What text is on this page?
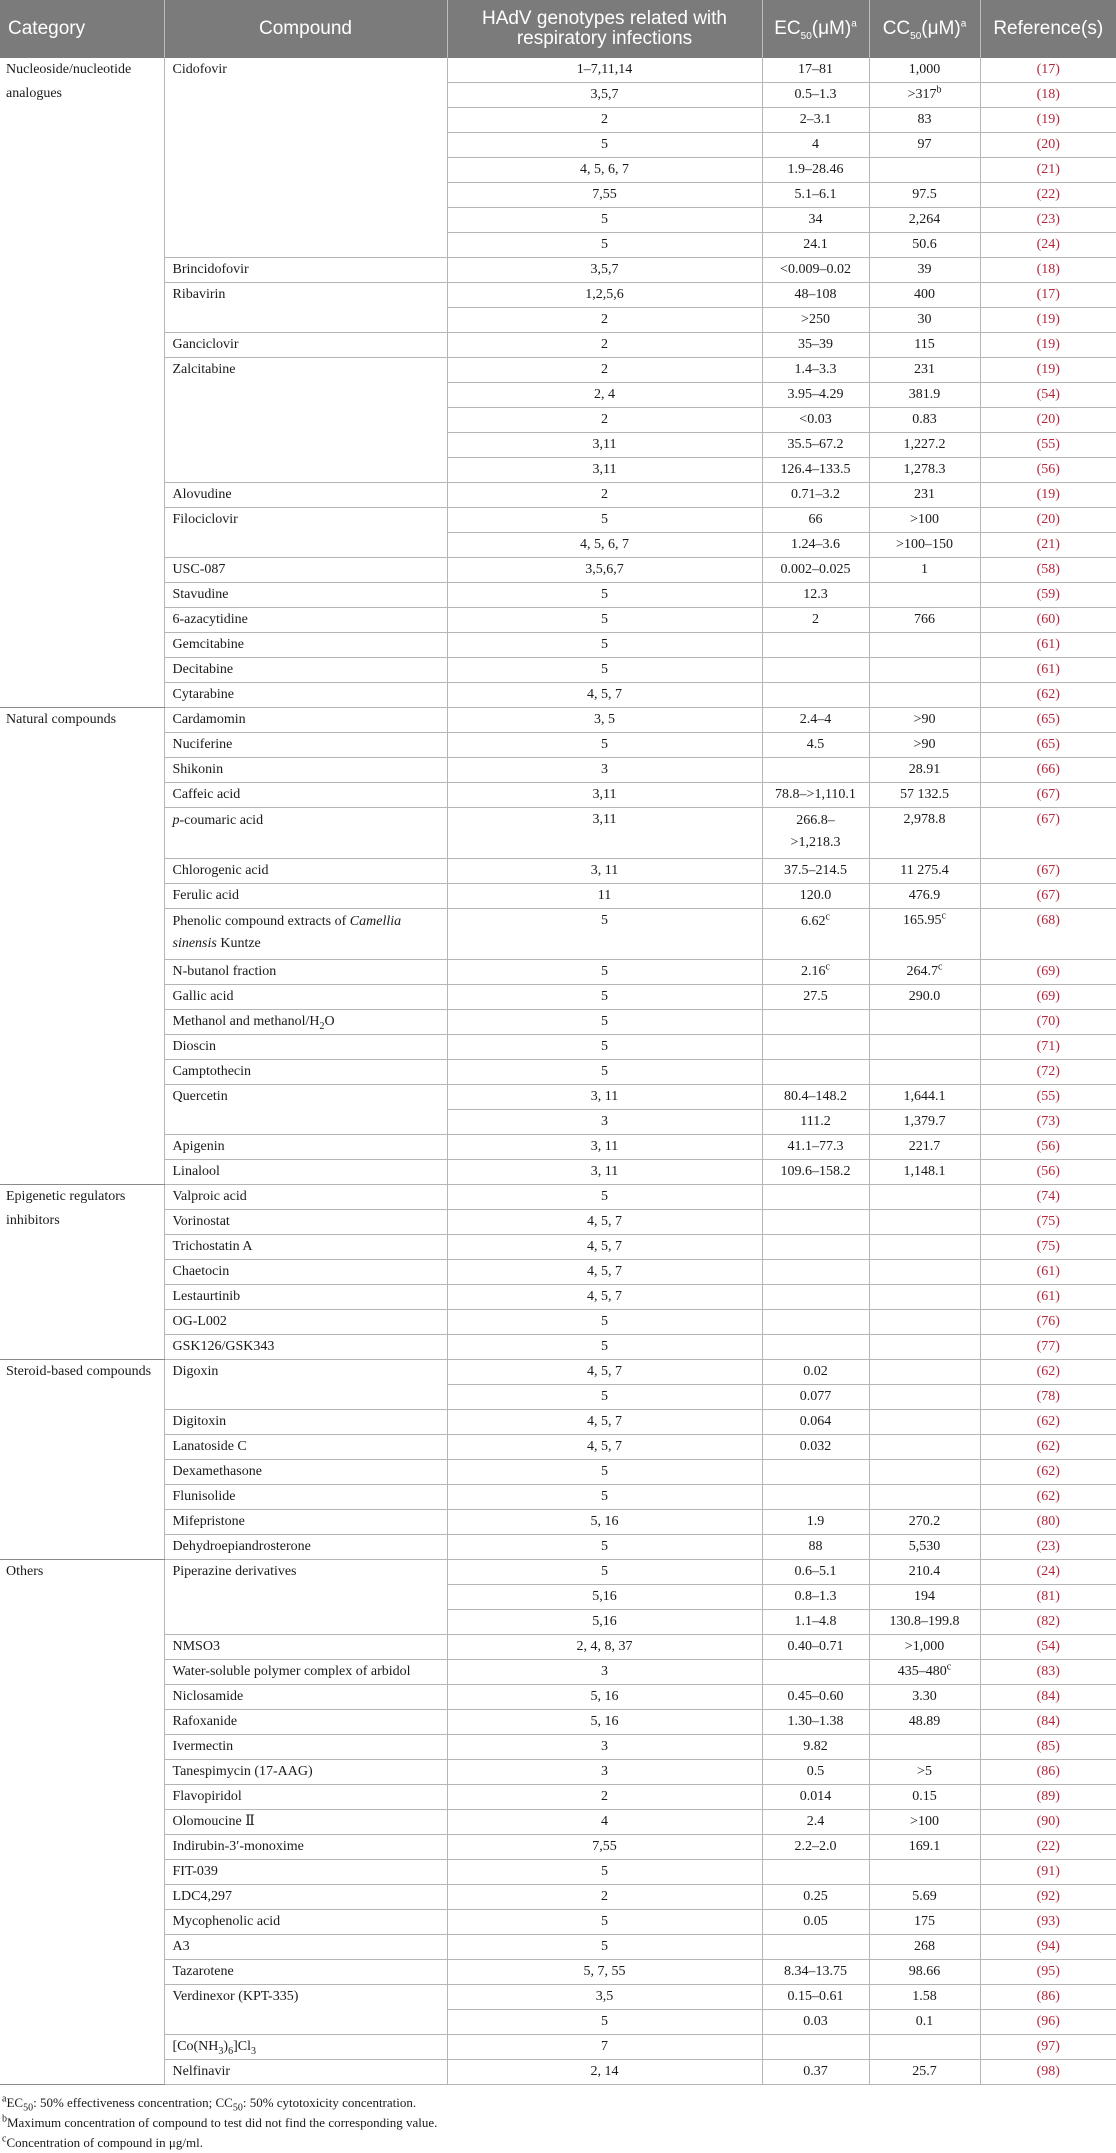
Category	Compound	HAdV genotypes related with respiratory infections	$EC_{50}(\mu M)^a$	$CC_{50}(\mu M)^a$	Reference(s)
Nucleoside/nucleotide analogues	Cidofovir	1–7,11,14	17–81	1,000	(17)
		3,5,7	0.5–1.3	$>317^b$	(18)
		2	2–3.1	83	(19)
		5	4	97	(20)
		4, 5, 6, 7	1.9–28.46		(21)
		7,55	5.1–6.1	97.5	(22)
		5	34	2,264	(23)
		5	24.1	50.6	(24)
	Brincidofovir	3,5,7	<0.009–0.02	39	(18)
	Ribavirin	1,2,5,6	48–108	400	(17)
		2	>250	30	(19)
	Ganciclovir	2	35–39	115	(19)
	Zalcitabine	2	1.4–3.3	231	(19)
		2, 4	3.95–4.29	381.9	(54)
		2	<0.03	0.83	(20)
		3,11	35.5–67.2	1,227.2	(55)
		3,11	126.4–133.5	1,278.3	(56)
	Alovudine	2	0.71–3.2	231	(19)
	Filociclovir	5	66	>100	(20)
		4, 5, 6, 7	1.24–3.6	>100–150	(21)
	USC-087	3,5,6,7	0.002–0.025	1	(58)
	Stavudine	5	12.3		(59)
	6-azacytidine	5	2	766	(60)
	Gemcitabine	5			(61)
	Decitabine	5			(61)
	Cytarabine	4, 5, 7			(62)
Natural compounds	Cardamomin	3, 5	2.4–4	>90	(65)
	Nuciferine	5	4.5	>90	(65)
	Shikonin	3		28.91	(66)
	Caffeic acid	3,11	78.8–>1,110.1	57 132.5	(67)
	p-coumaric acid	3,11	266.8–
>1,218.3	2,978.8	(67)
	Chlorogenic acid	3, 11	37.5–214.5	11 275.4	(67)
	Ferulic acid	11	120.0	476.9	(67)
	Phenolic compound extracts of Camellia
sinensis Kuntze	5	6.62$^c$	165.95$^c$	(68)
	N-butanol fraction	5	2.16$^c$	264.7$^c$	(69)
	Gallic acid	5	27.5	290.0	(69)
	Methanol and methanol/$H_2O$	5			(70)
	Dioscin	5			(71)
	Camptothecin	5			(72)
	Quercetin	3, 11	80.4–148.2	1,644.1	(55)
		3	111.2	1,379.7	(73)
	Apigenin	3, 11	41.1–77.3	221.7	(56)
	Linalool	3, 11	109.6–158.2	1,148.1	(56)
Epigenetic regulators inhibitors	Valproic acid	5			(74)
	Vorinostat	4, 5, 7			(75)
	Trichostatin A	4, 5, 7			(75)
	Chaetocin	4, 5, 7			(61)
	Lestaurtinib	4, 5, 7			(61)
	OG-L002	5			(76)
	GSK126/GSK343	5			(77)
Steroid-based compounds	Digoxin	4, 5, 7	0.02		(62)
		5	0.077		(78)
	Digitoxin	4, 5, 7	0.064		(62)
	Lanatoside C	4, 5, 7	0.032		(62)
	Dexamethasone	5			(62)
	Flunisolide	5			(62)
	Mifepristone	5, 16	1.9	270.2	(80)
	Dehydroepiandrosterone	5	88	5,530	(23)
Others	Piperazine derivatives	5	0.6–5.1	210.4	(24)
		5,16	0.8–1.3	194	(81)
		5,16	1.1–4.8	130.8–199.8	(82)
	NMSO3	2, 4, 8, 37	0.40–0.71	>1,000	(54)
	Water-soluble polymer complex of arbidol	3		435–480$^c$	(83)
	Niclosamide	5, 16	0.45–0.60	3.30	(84)
	Rafoxanide	5, 16	1.30–1.38	48.89	(84)
	Ivermectin	3	9.82		(85)
	Tanespimycin (17-AAG)	3	0.5	>5	(86)
	Flavopiridol	2	0.014	0.15	(89)
	Olomoucine Ⅱ	4	2.4	>100	(90)
	Indirubin-3′-monoxime	7,55	2.2–2.0	169.1	(22)
	FIT-039	5			(91)
	LDC4,297	2	0.25	5.69	(92)
	Mycophenolic acid	5	0.05	175	(93)
	A3	5		268	(94)
	Tazarotene	5, 7, 55	8.34–13.75	98.66	(95)
	Verdinexor (KPT-335)	3,5	0.15–0.61	1.58	(86)
		5	0.03	0.1	(96)
	$[Co(NH_3)_6]Cl_3$	7			(97)
	Nelfinavir	2, 14	0.37	25.7	(98)
$^aEC_{50}$: 50% effectiveness concentration; $CC_{50}$: 50% cytotoxicity concentration.
$^b$Maximum concentration of compound to test did not find the corresponding value.
$^c$Concentration of compound in μg/ml.
